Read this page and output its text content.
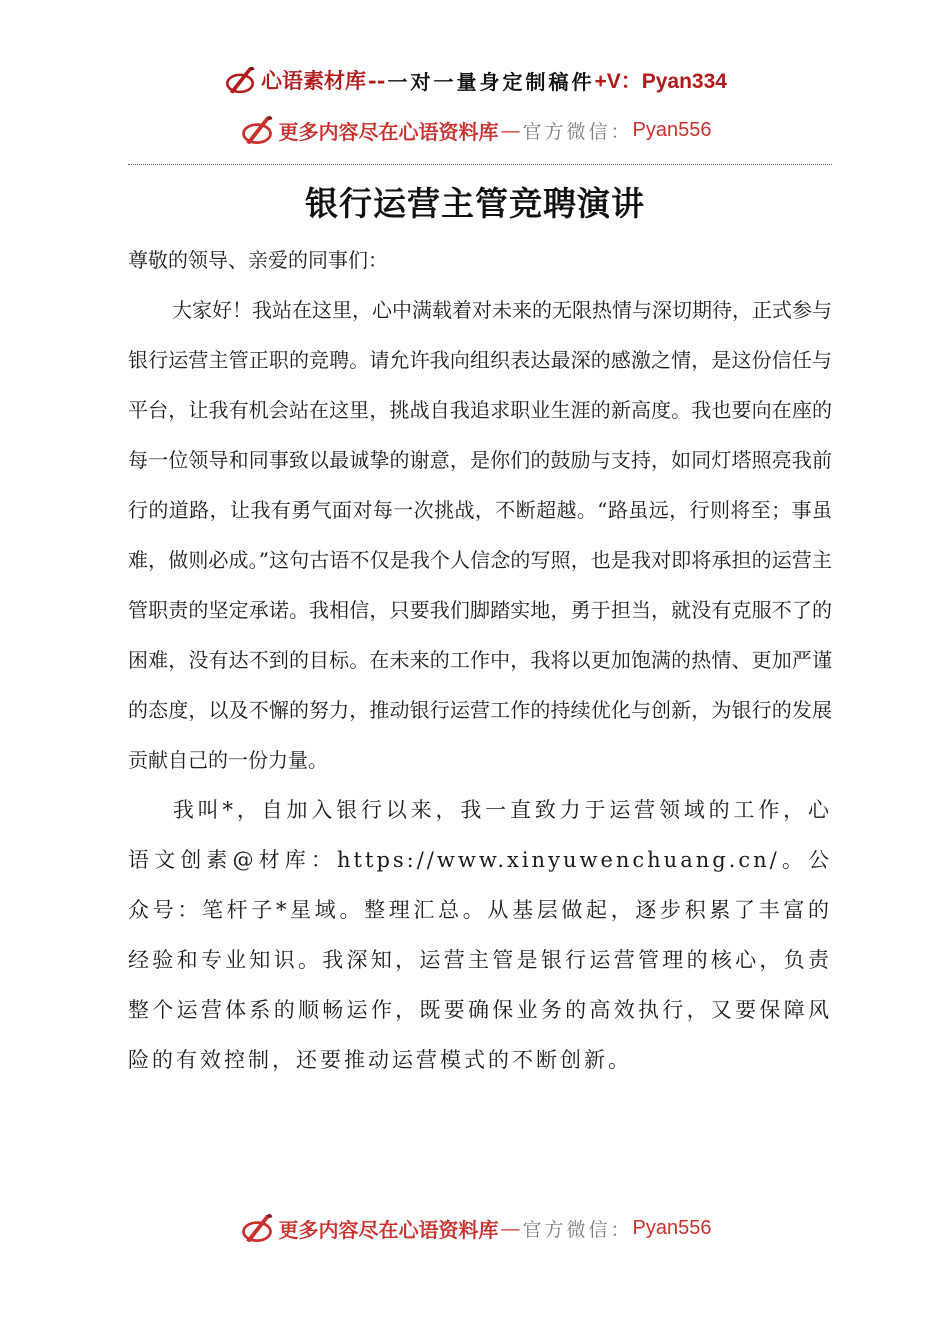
心语素材库 -- 一对一量身定制稿件 +V：Pyan334
更多内容尽在心语资料库 — 官方微信： Pyan556
银行运营主管竞聘演讲

尊敬的领导、亲爱的同事们：

大家好！我站在这里，心中满载着对未来的无限热情与深切期待，正式参与银行运营主管正职的竞聘。请允许我向组织表达最深的感激之情，是这份信任与平台，让我有机会站在这里，挑战自我追求职业生涯的新高度。我也要向在座的每一位领导和同事致以最诚挚的谢意，是你们的鼓励与支持，如同灯塔照亮我前行的道路，让我有勇气面对每一次挑战，不断超越。“路虽远，行则将至；事虽难，做则必成。”这句古语不仅是我个人信念的写照，也是我对即将承担的运营主管职责的坚定承诺。我相信，只要我们脚踏实地，勇于担当，就没有克服不了的困难，没有达不到的目标。在未来的工作中，我将以更加饱满的热情、更加严谨的态度，以及不懈的努力，推动银行运营工作的持续优化与创新，为银行的发展贡献自己的一份力量。

我叫*，自加入银行以来，我一直致力于运营领域的工作，心语文创素@材库：https://www.xinyuwenchuang.cn/。公众号：笔杆子*星域。整理汇总。从基层做起，逐步积累了丰富的经验和专业知识。我深知，运营主管是银行运营管理的核心，负责整个运营体系的顺畅运作，既要确保业务的高效执行，又要保障风险的有效控制，还要推动运营模式的不断创新。

更多内容尽在心语资料库 — 官方微信： Pyan556
